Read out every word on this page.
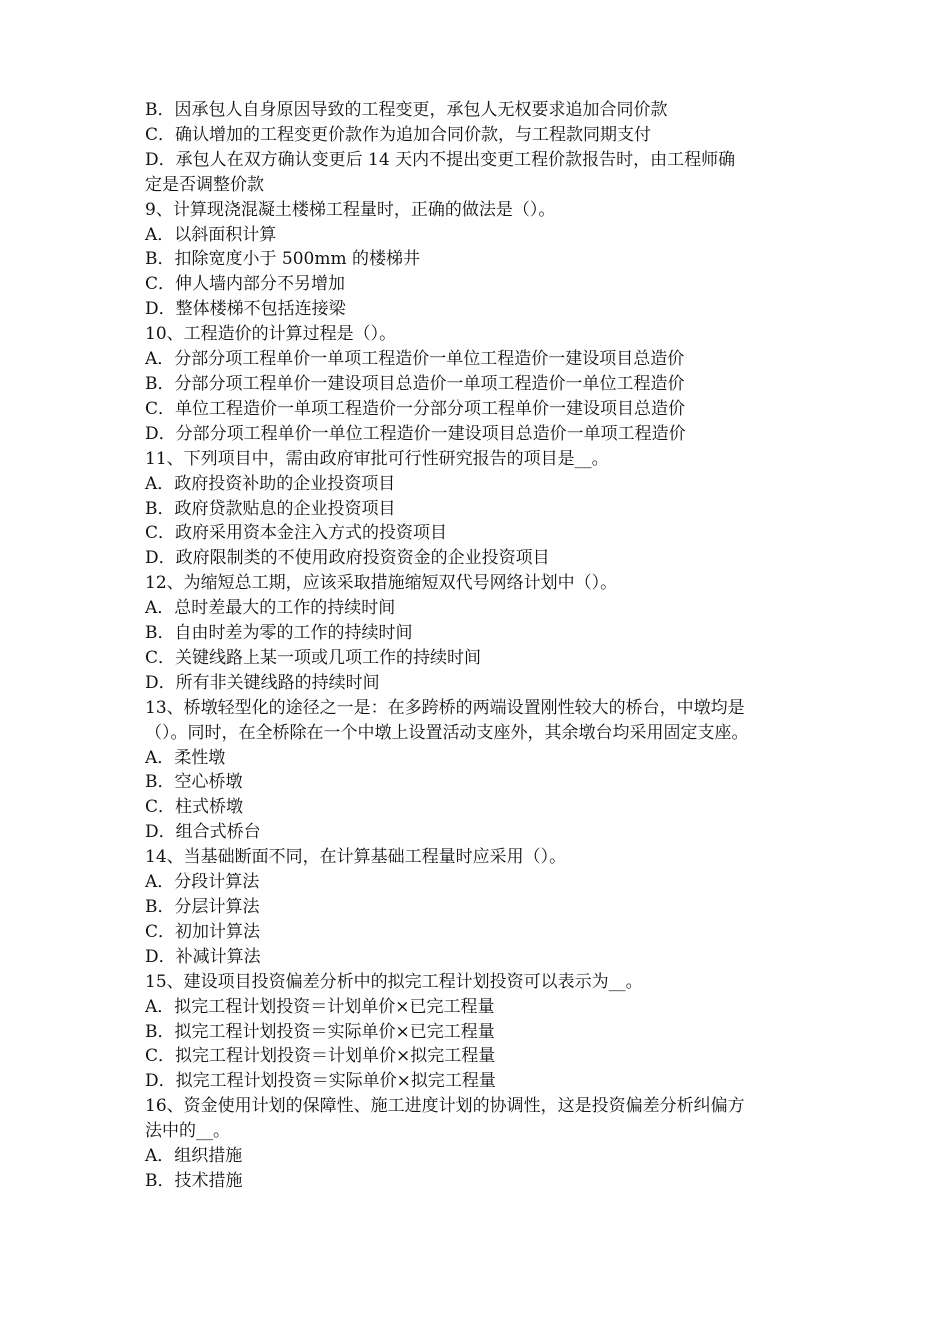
B．因承包人自身原因导致的工程变更，承包人无权要求追加合同价款
C．确认增加的工程变更价款作为追加合同价款，与工程款同期支付
D．承包人在双方确认变更后 14 天内不提出变更工程价款报告时，由工程师确
定是否调整价款
9、计算现浇混凝土楼梯工程量时，正确的做法是（）。
A．以斜面积计算
B．扣除宽度小于 500mm 的楼梯井
C．伸人墙内部分不另增加
D．整体楼梯不包括连接梁
10、工程造价的计算过程是（）。
A．分部分项工程单价一单项工程造价一单位工程造价一建设项目总造价
B．分部分项工程单价一建设项目总造价一单项工程造价一单位工程造价
C．单位工程造价一单项工程造价一分部分项工程单价一建设项目总造价
D．分部分项工程单价一单位工程造价一建设项目总造价一单项工程造价
11、下列项目中，需由政府审批可行性研究报告的项目是__。
A．政府投资补助的企业投资项目
B．政府贷款贴息的企业投资项目
C．政府采用资本金注入方式的投资项目
D．政府限制类的不使用政府投资资金的企业投资项目
12、为缩短总工期，应该采取措施缩短双代号网络计划中（）。
A．总时差最大的工作的持续时间
B．自由时差为零的工作的持续时间
C．关键线路上某一项或几项工作的持续时间
D．所有非关键线路的持续时间
13、桥墩轻型化的途径之一是：在多跨桥的两端设置刚性较大的桥台，中墩均是
（）。同时，在全桥除在一个中墩上设置活动支座外，其余墩台均采用固定支座。
A．柔性墩
B．空心桥墩
C．柱式桥墩
D．组合式桥台
14、当基础断面不同，在计算基础工程量时应采用（）。
A．分段计算法
B．分层计算法
C．初加计算法
D．补减计算法
15、建设项目投资偏差分析中的拟完工程计划投资可以表示为__。
A．拟完工程计划投资＝计划单价×已完工程量
B．拟完工程计划投资＝实际单价×已完工程量
C．拟完工程计划投资＝计划单价×拟完工程量
D．拟完工程计划投资＝实际单价×拟完工程量
16、资金使用计划的保障性、施工进度计划的协调性，这是投资偏差分析纠偏方
法中的__。
A．组织措施
B．技术措施
